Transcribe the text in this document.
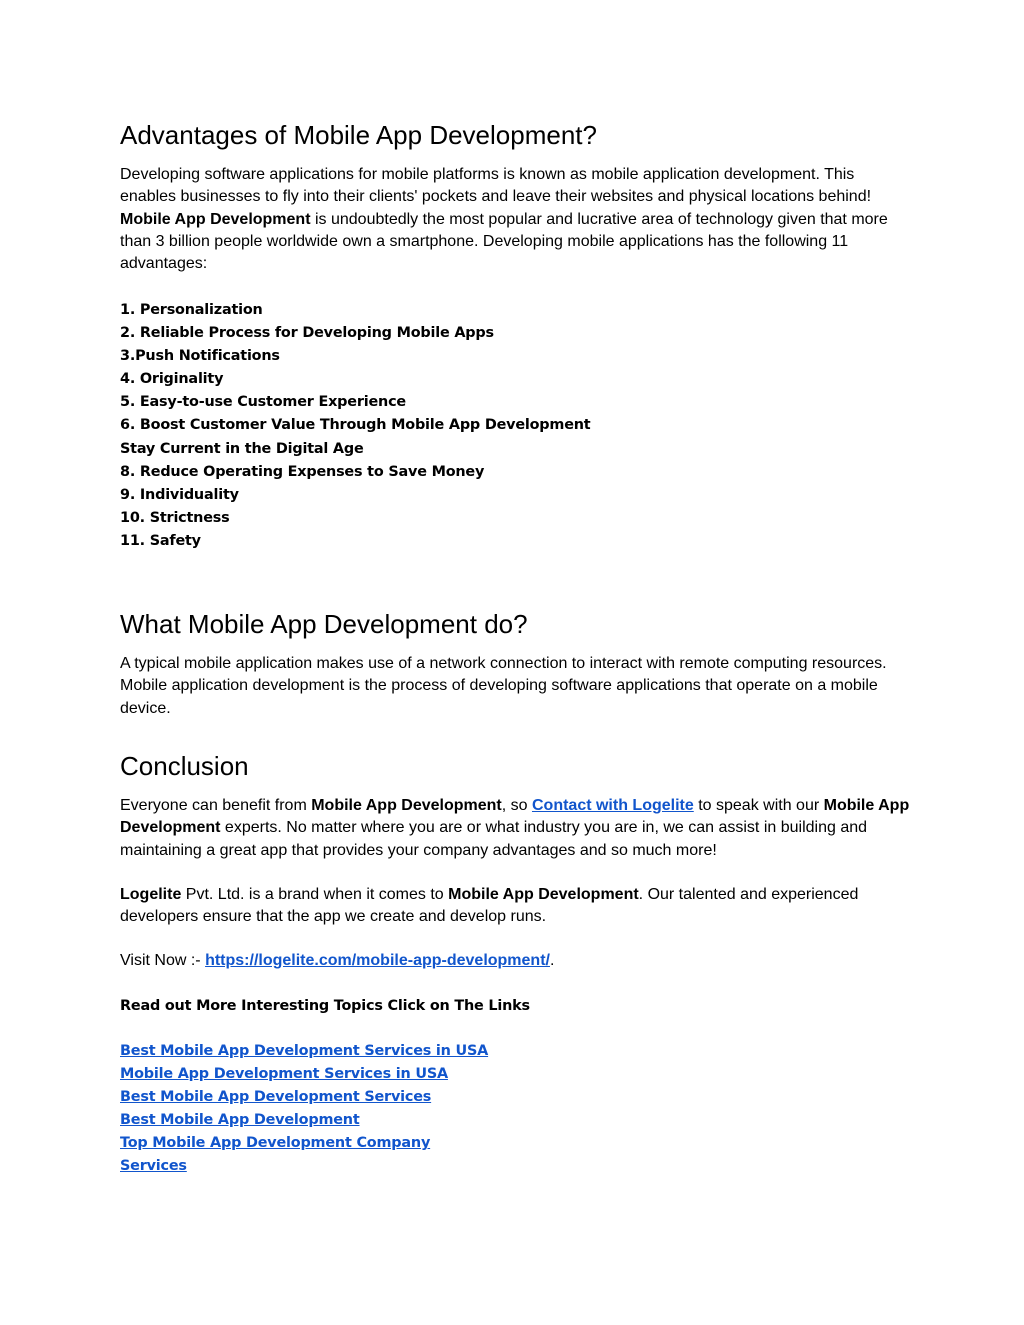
Advantages of Mobile App Development?

Developing software applications for mobile platforms is known as mobile application development. This enables businesses to fly into their clients' pockets and leave their websites and physical locations behind! Mobile App Development is undoubtedly the most popular and lucrative area of technology given that more than 3 billion people worldwide own a smartphone. Developing mobile applications has the following 11 advantages:

1. Personalization
2. Reliable Process for Developing Mobile Apps
3.Push Notifications
4. Originality
5. Easy-to-use Customer Experience
6. Boost Customer Value Through Mobile App Development
Stay Current in the Digital Age
8. Reduce Operating Expenses to Save Money
9. Individuality
10. Strictness
11. Safety
What Mobile App Development do?

A typical mobile application makes use of a network connection to interact with remote computing resources. Mobile application development is the process of developing software applications that operate on a mobile device.

Conclusion

Everyone can benefit from Mobile App Development, so Contact with Logelite to speak with our Mobile App Development experts. No matter where you are or what industry you are in, we can assist in building and maintaining a great app that provides your company advantages and so much more!

Logelite Pvt. Ltd. is a brand when it comes to Mobile App Development. Our talented and experienced developers ensure that the app we create and develop runs.

Visit Now :- https://logelite.com/mobile-app-development/.

Read out More Interesting Topics Click on The Links

Best Mobile App Development Services in USA
Mobile App Development Services in USA
Best Mobile App Development Services
Best Mobile App Development
Top Mobile App Development Company
Services
